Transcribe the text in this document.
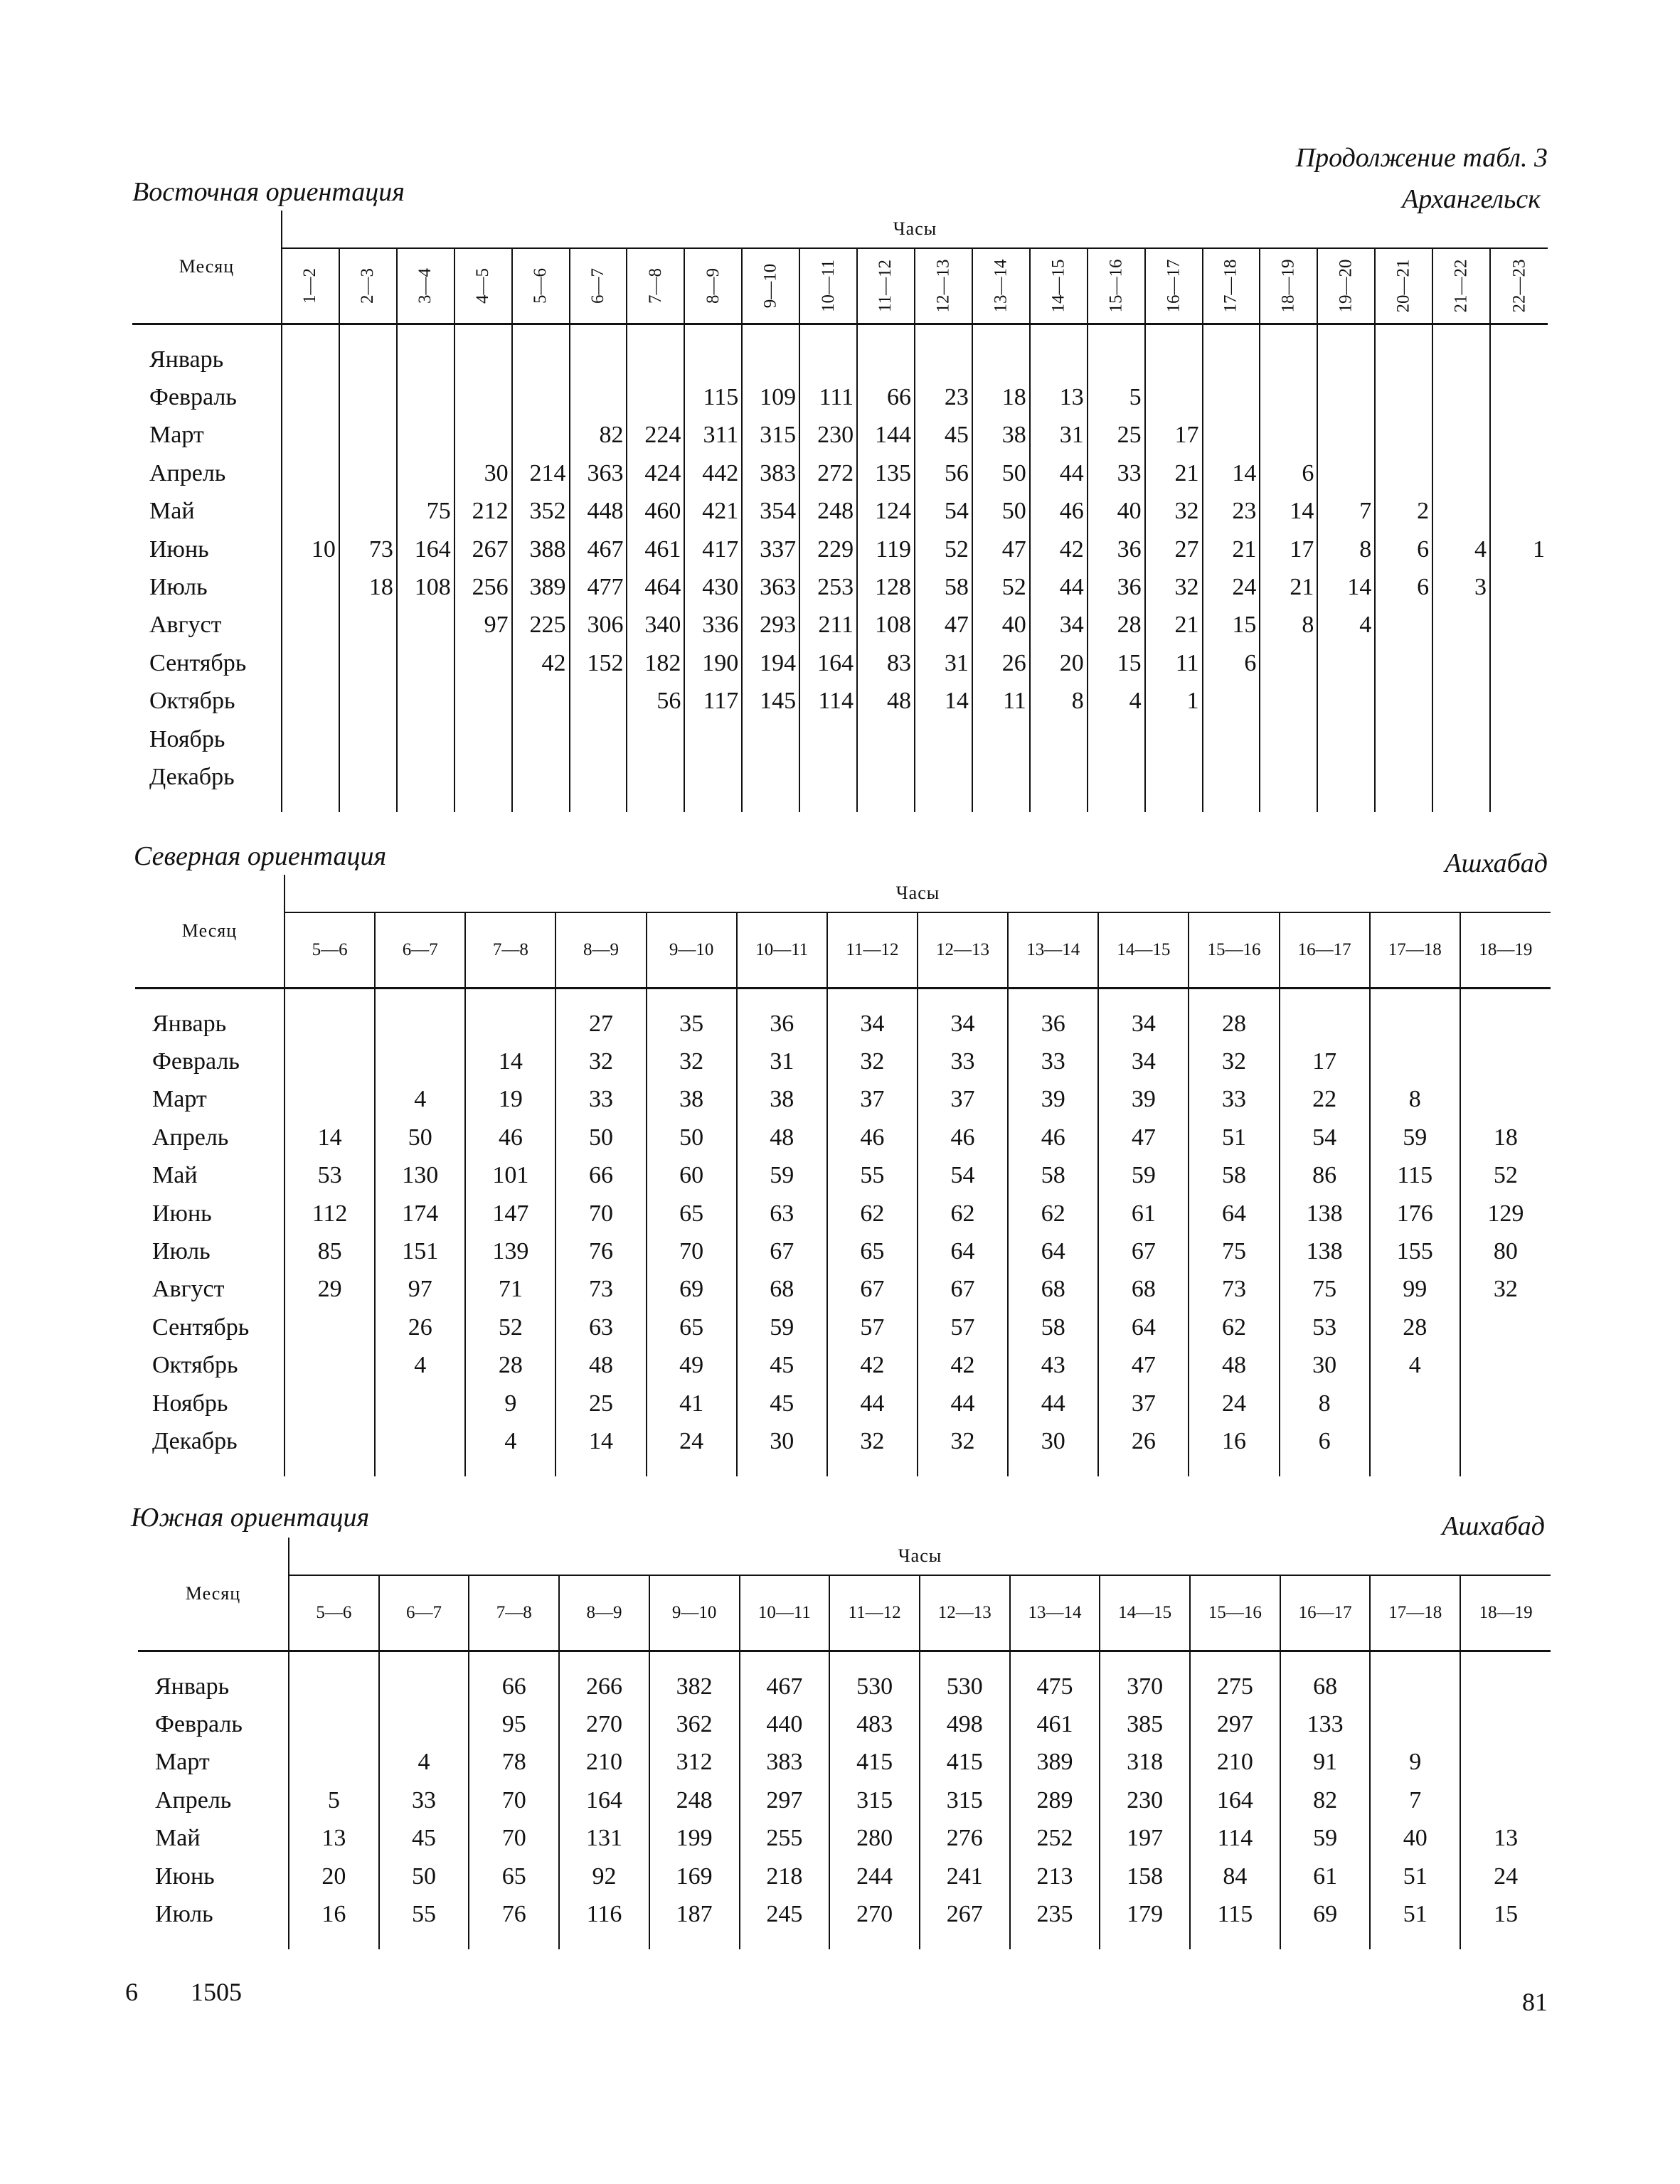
Продолжение табл. 3
Восточная ориентация	Архангельск
Месяц	Часы																					
	1—2	2—3	3—4	4—5	5—6	6—7	7—8	8—9	9—10	10—11	11—12	12—13	13—14	14—15	15—16	16—17	17—18	18—19	19—20	20—21	21—22	22—23

Январь																						
Февраль								115	109	111	66	23	18	13	5							
Март						82	224	311	315	230	144	45	38	31	25	17						
Апрель				30	214	363	424	442	383	272	135	56	50	44	33	21	14	6				
Май			75	212	352	448	460	421	354	248	124	54	50	46	40	32	23	14	7	2		
Июнь	10	73	164	267	388	467	461	417	337	229	119	52	47	42	36	27	21	17	8	6	4	1
Июль		18	108	256	389	477	464	430	363	253	128	58	52	44	36	32	24	21	14	6	3	
Август				97	225	306	340	336	293	211	108	47	40	34	28	21	15	8	4			
Сентябрь					42	152	182	190	194	164	83	31	26	20	15	11	6					
Октябрь							56	117	145	114	48	14	11	8	4	1						
Ноябрь																						
Декабрь																						

Северная ориентация	Ашхабад
Месяц	Часы													
	5—6	6—7	7—8	8—9	9—10	10—11	11—12	12—13	13—14	14—15	15—16	16—17	17—18	18—19

Январь				27	35	36	34	34	36	34	28			
Февраль			14	32	32	31	32	33	33	34	32	17		
Март		4	19	33	38	38	37	37	39	39	33	22	8	
Апрель	14	50	46	50	50	48	46	46	46	47	51	54	59	18
Май	53	130	101	66	60	59	55	54	58	59	58	86	115	52
Июнь	112	174	147	70	65	63	62	62	62	61	64	138	176	129
Июль	85	151	139	76	70	67	65	64	64	67	75	138	155	80
Август	29	97	71	73	69	68	67	67	68	68	73	75	99	32
Сентябрь		26	52	63	65	59	57	57	58	64	62	53	28	
Октябрь		4	28	48	49	45	42	42	43	47	48	30	4	
Ноябрь			9	25	41	45	44	44	44	37	24	8		
Декабрь			4	14	24	30	32	32	30	26	16	6		

Южная ориентация	Ашхабад
Месяц	Часы													
	5—6	6—7	7—8	8—9	9—10	10—11	11—12	12—13	13—14	14—15	15—16	16—17	17—18	18—19

Январь			66	266	382	467	530	530	475	370	275	68		
Февраль			95	270	362	440	483	498	461	385	297	133		
Март		4	78	210	312	383	415	415	389	318	210	91	9	
Апрель	5	33	70	164	248	297	315	315	289	230	164	82	7	
Май	13	45	70	131	199	255	280	276	252	197	114	59	40	13
Июнь	20	50	65	92	169	218	244	241	213	158	84	61	51	24
Июль	16	55	76	116	187	245	270	267	235	179	115	69	51	15

6 1505	81
